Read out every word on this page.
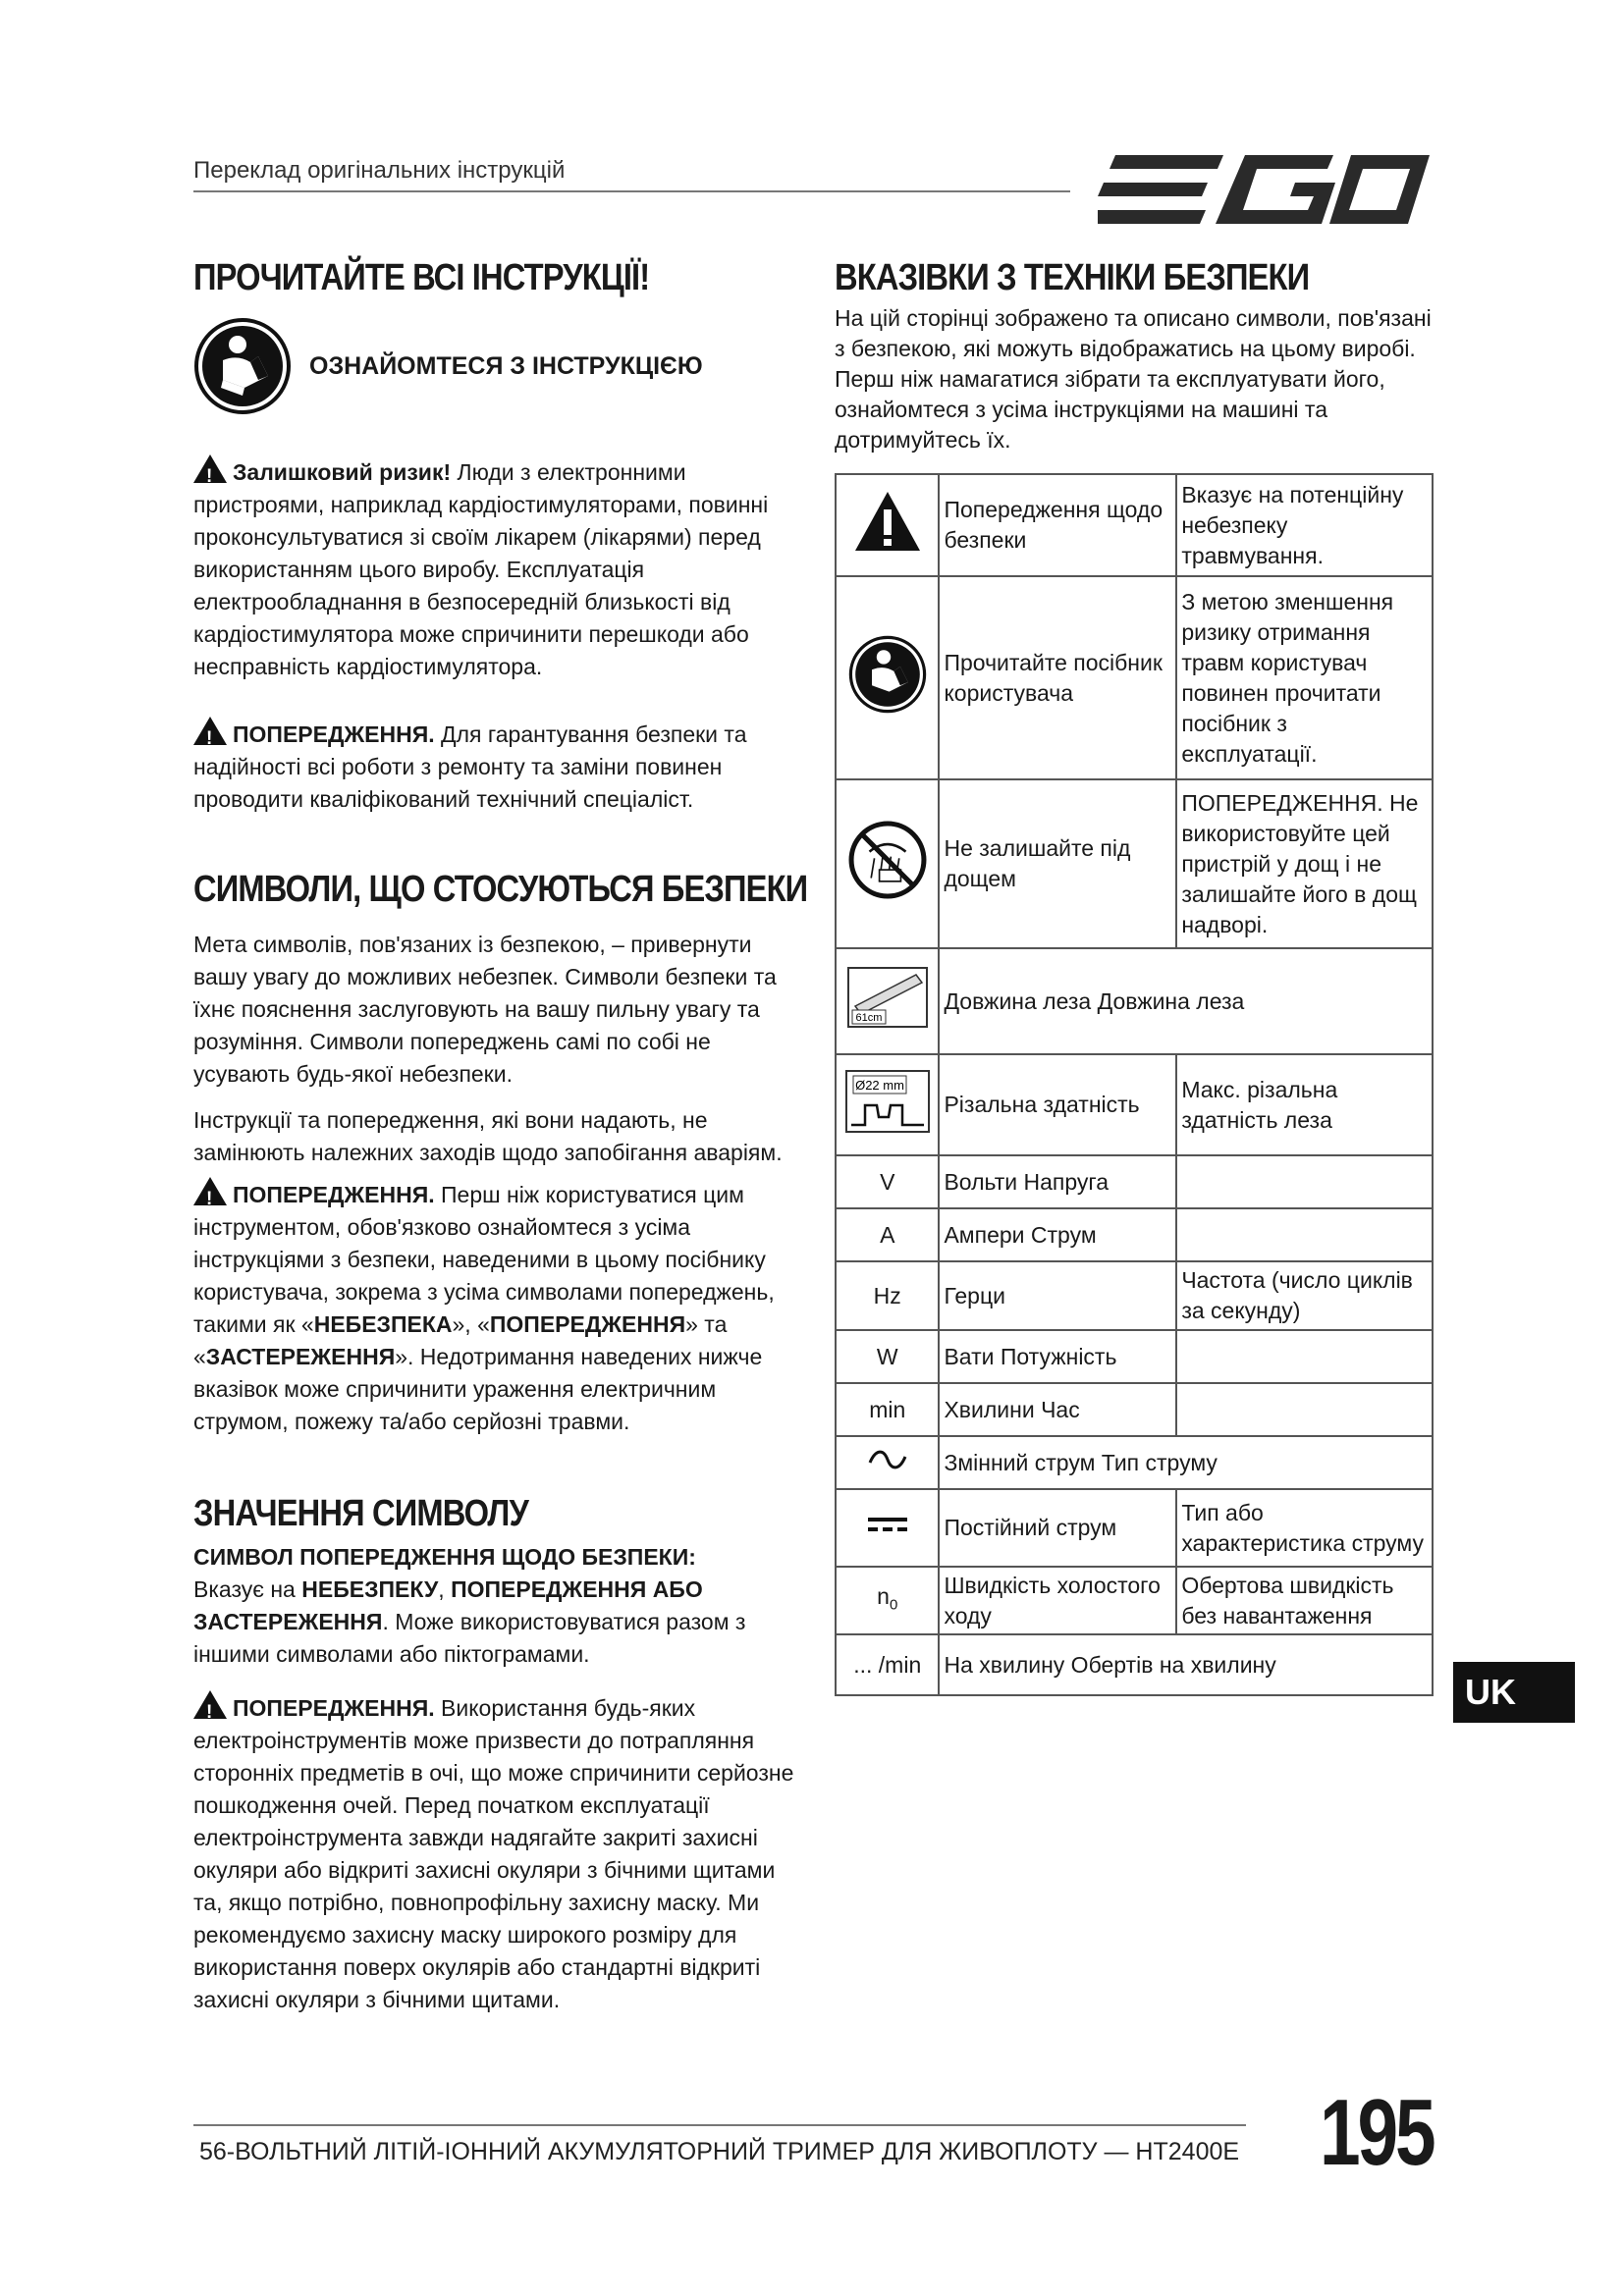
Переклад оригінальних інструкцій
ПРОЧИТАЙТЕ ВСІ ІНСТРУКЦІЇ!
ОЗНАЙОМТЕСЯ З ІНСТРУКЦІЄЮ

!Залишковий ризик! Люди з електронними пристроями, наприклад кардіостимуляторами, повинні проконсультуватися зі своїм лікарем (лікарями) перед використанням цього виробу. Експлуатація електрообладнання в безпосередній близькості від кардіостимулятора може спричинити перешкоди або несправність кардіостимулятора.

!ПОПЕРЕДЖЕННЯ. Для гарантування безпеки та надійності всі роботи з ремонту та заміни повинен проводити кваліфікований технічний спеціаліст.

СИМВОЛИ, ЩО СТОСУЮТЬСЯ БЕЗПЕКИ

Мета символів, пов'язаних із безпекою, – привернути вашу увагу до можливих небезпек. Символи безпеки та їхнє пояснення заслуговують на вашу пильну увагу та розуміння. Символи попереджень самі по собі не усувають будь-якої небезпеки.

Інструкції та попередження, які вони надають, не замінюють належних заходів щодо запобігання аваріям.

!ПОПЕРЕДЖЕННЯ. Перш ніж користуватися цим інструментом, обов'язково ознайомтеся з усіма інструкціями з безпеки, наведеними в цьому посібнику користувача, зокрема з усіма символами попереджень, такими як «НЕБЕЗПЕКА», «ПОПЕРЕДЖЕННЯ» та «ЗАСТЕРЕЖЕННЯ». Недотримання наведених нижче вказівок може спричинити ураження електричним струмом, пожежу та/або серйозні травми.

ЗНАЧЕННЯ СИМВОЛУ

СИМВОЛ ПОПЕРЕДЖЕННЯ ЩОДО БЕЗПЕКИ:

Вказує на НЕБЕЗПЕКУ, ПОПЕРЕДЖЕННЯ АБО ЗАСТЕРЕЖЕННЯ. Може використовуватися разом з іншими символами або піктограмами.

!ПОПЕРЕДЖЕННЯ. Використання будь-яких електроінструментів може призвести до потрапляння сторонніх предметів в очі, що може спричинити серйозне пошкодження очей. Перед початком експлуатації електроінструмента завжди надягайте закриті захисні окуляри або відкриті захисні окуляри з бічними щитами та, якщо потрібно, повнопрофільну захисну маску. Ми рекомендуємо захисну маску широкого розміру для використання поверх окулярів або стандартні відкриті захисні окуляри з бічними щитами.

ВКАЗІВКИ З ТЕХНІКИ БЕЗПЕКИ

На цій сторінці зображено та описано символи, пов'язані з безпекою, які можуть відображатись на цьому виробі. Перш ніж намагатися зібрати та експлуатувати його, ознайомтеся з усіма інструкціями на машині та дотримуйтесь їх.

	Попередження щодо безпеки	Вказує на потенційну небезпеку травмування.
	Прочитайте посібник користувача	З метою зменшення ризику отримання травм користувач повинен прочитати посібник з експлуатації.
	Не залишайте під дощем	ПОПЕРЕДЖЕННЯ. Не використовуйте цей пристрій у дощ і не залишайте його в дощ надворі.

61cm	Довжина леза Довжина леза	

Ø22 mm	Різальна здатність	Макс. різальна здатність леза
V	Вольти Напруга	
A	Ампери Струм	
Hz	Герци	Частота (число циклів за секунду)
W	Вати Потужність	
min	Хвилини Час	
	Змінний струм Тип струму	
	Постійний струм	Тип або характеристика струму
$n_0$	Швидкість холостого ходу	Обертова швидкість без навантаження
... /min	На хвилину Обертів на хвилину	
UK
56-ВОЛЬТНИЙ ЛІТІЙ-ІОННИЙ АКУМУЛЯТОРНИЙ ТРИМЕР ДЛЯ ЖИВОПЛОТУ — HT2400E 195
